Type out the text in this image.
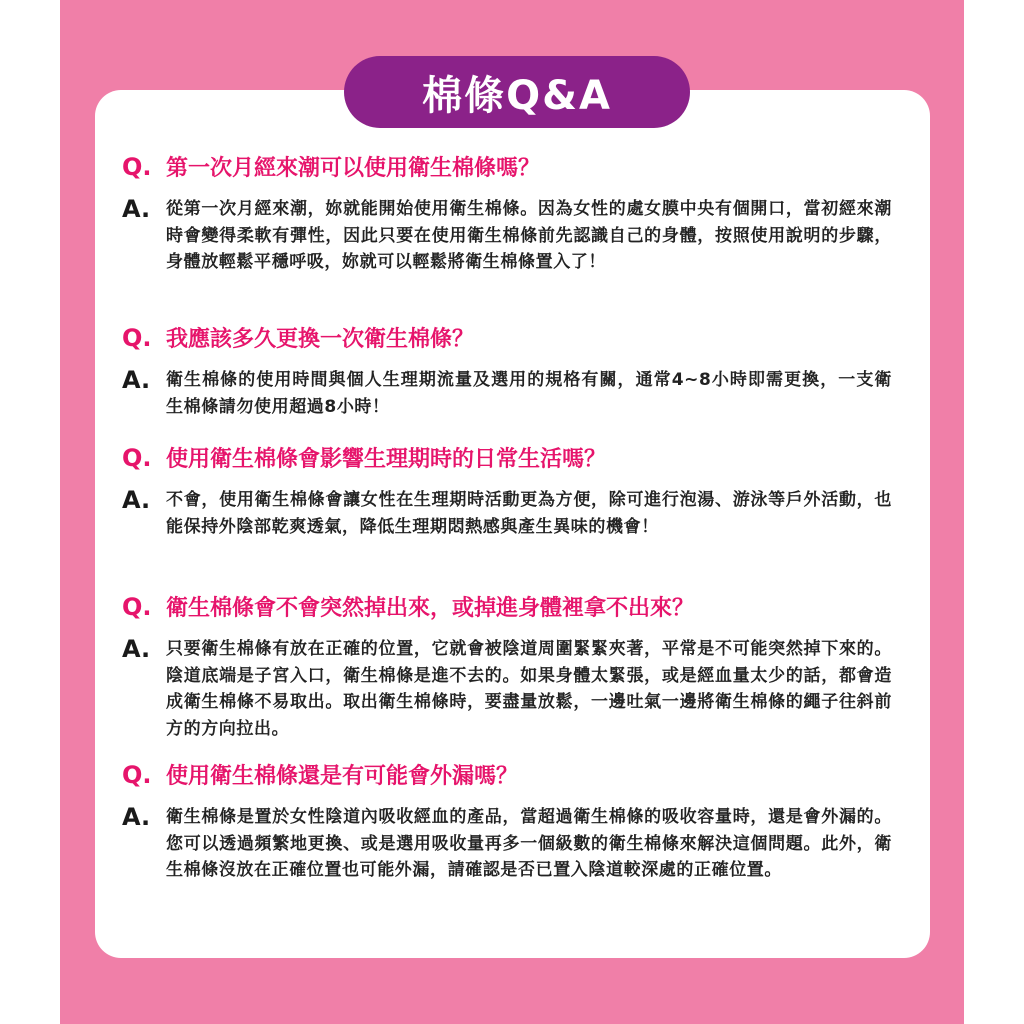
棉條Q&A
Q. 第一次月經來潮可以使用衛生棉條嗎？
A. 從第一次月經來潮，妳就能開始使用衛生棉條。因為女性的處女膜中央有個開口，當初經來潮時會變得柔軟有彈性，因此只要在使用衛生棉條前先認識自己的身體，按照使用說明的步驟，身體放輕鬆平穩呼吸，妳就可以輕鬆將衛生棉條置入了！
Q. 我應該多久更換一次衛生棉條？
A. 衛生棉條的使用時間與個人生理期流量及選用的規格有關，通常4~8小時即需更換，一支衛生棉條請勿使用超過8小時！
Q. 使用衛生棉條會影響生理期時的日常生活嗎？
A. 不會，使用衛生棉條會讓女性在生理期時活動更為方便，除可進行泡湯、游泳等戶外活動，也能保持外陰部乾爽透氣，降低生理期悶熱感與產生異味的機會！
Q. 衛生棉條會不會突然掉出來，或掉進身體裡拿不出來？
A. 只要衛生棉條有放在正確的位置，它就會被陰道周圍緊緊夾著，平常是不可能突然掉下來的。陰道底端是子宮入口，衛生棉條是進不去的。如果身體太緊張，或是經血量太少的話，都會造成衛生棉條不易取出。取出衛生棉條時，要盡量放鬆，一邊吐氣一邊將衛生棉條的繩子往斜前方的方向拉出。
Q. 使用衛生棉條還是有可能會外漏嗎？
A. 衛生棉條是置於女性陰道內吸收經血的產品，當超過衛生棉條的吸收容量時，還是會外漏的。您可以透過頻繁地更換、或是選用吸收量再多一個級數的衛生棉條來解決這個問題。此外，衛生棉條沒放在正確位置也可能外漏，請確認是否已置入陰道較深處的正確位置。
